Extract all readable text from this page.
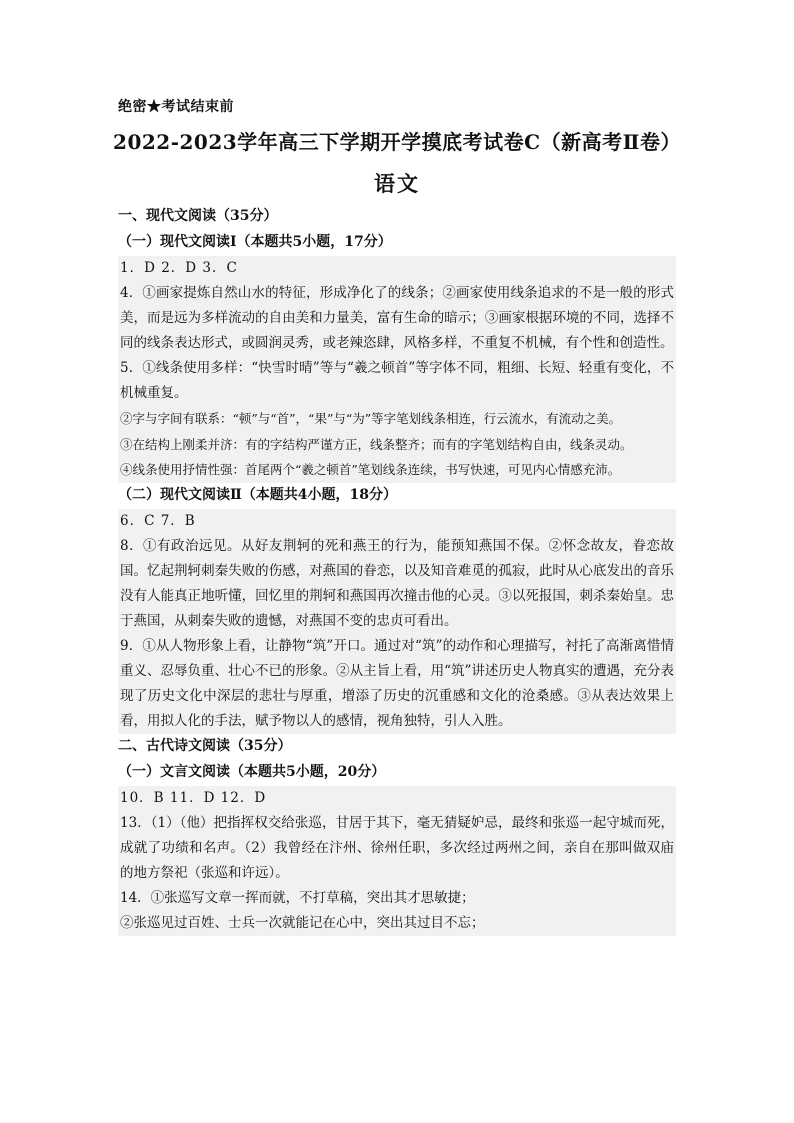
绝密★考试结束前
2022-2023学年高三下学期开学摸底考试卷C（新高考Ⅱ卷）
语文
一、现代文阅读（35分）
（一）现代文阅读Ⅰ（本题共5小题，17分）

1．D 2．D 3．C

4．①画家提炼自然山水的特征，形成净化了的线条；②画家使用线条追求的不是一般的形式美，而是远为多样流动的自由美和力量美，富有生命的暗示；③画家根据环境的不同，选择不同的线条表达形式，或圆润灵秀，或老辣恣肆，风格多样，不重复不机械，有个性和创造性。

5．①线条使用多样：“快雪时晴”等与“羲之顿首”等字体不同，粗细、长短、轻重有变化，不机械重复。

②字与字间有联系：“顿”与“首”，“果”与“为”等字笔划线条相连，行云流水，有流动之美。

③在结构上刚柔并济：有的字结构严谨方正，线条整齐；而有的字笔划结构自由，线条灵动。

④线条使用抒情性强：首尾两个“羲之顿首”笔划线条连续，书写快速，可见内心情感充沛。

（二）现代文阅读Ⅱ（本题共4小题，18分）

6．C 7．B

8．①有政治远见。从好友荆轲的死和燕王的行为，能预知燕国不保。②怀念故友，眷恋故国。忆起荆轲刺秦失败的伤感，对燕国的眷恋，以及知音难觅的孤寂，此时从心底发出的音乐没有人能真正地听懂，回忆里的荆轲和燕国再次撞击他的心灵。③以死报国，刺杀秦始皇。忠于燕国，从刺秦失败的遗憾，对燕国不变的忠贞可看出。

9．①从人物形象上看，让静物“筑”开口。通过对“筑”的动作和心理描写，衬托了高渐离惜情重义、忍辱负重、壮心不已的形象。②从主旨上看，用“筑”讲述历史人物真实的遭遇，充分表现了历史文化中深层的悲壮与厚重，增添了历史的沉重感和文化的沧桑感。③从表达效果上看，用拟人化的手法，赋予物以人的感情，视角独特，引人入胜。

二、古代诗文阅读（35分）
（一）文言文阅读（本题共5小题，20分）

10．B 11．D 12．D

13．（1）（他）把指挥权交给张巡，甘居于其下，毫无猜疑妒忌，最终和张巡一起守城而死，成就了功绩和名声。（2）我曾经在汴州、徐州任职，多次经过两州之间，亲自在那叫做双庙的地方祭祀（张巡和许远）。

14．①张巡写文章一挥而就，不打草稿，突出其才思敏捷；

②张巡见过百姓、士兵一次就能记在心中，突出其过目不忘；
